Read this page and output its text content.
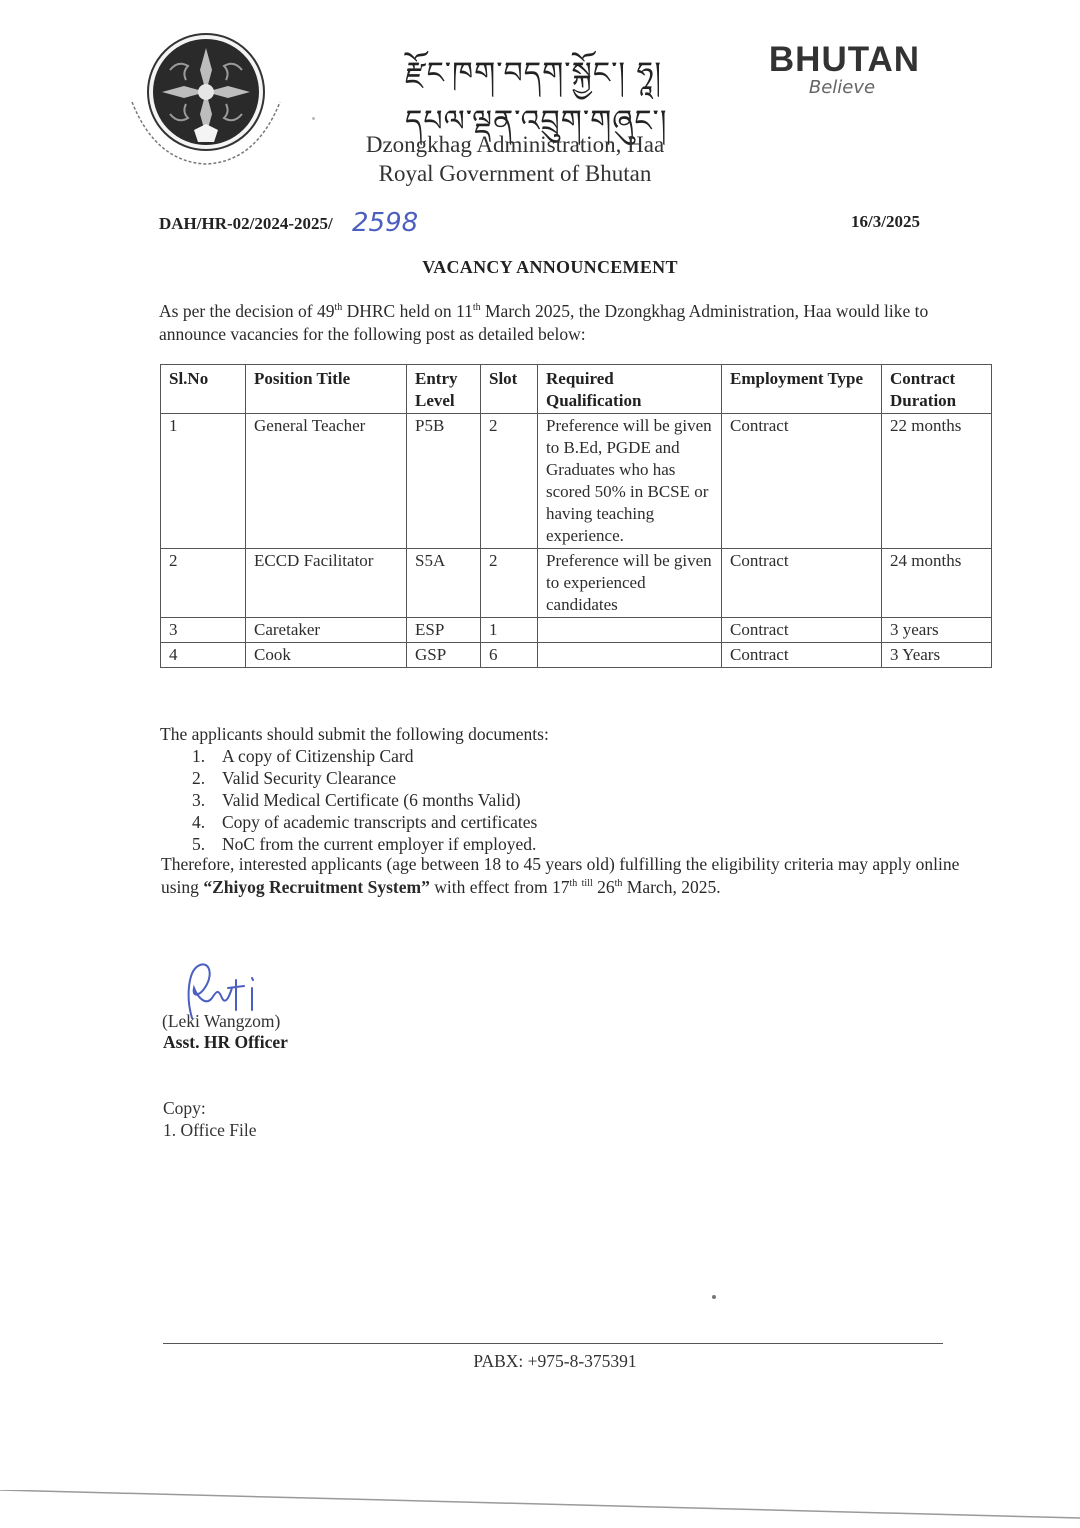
རྫོང་ཁག་བདག་སྐྱོང་། ཧཱ།
དཔལ་ལྡན་འབྲུག་གཞུང་།
Dzongkhag Administration, Haa
Royal Government of Bhutan
BHUTAN
Believe
DAH/HR-02/2024-2025/ 2598	16/3/2025
VACANCY ANNOUNCEMENT
As per the decision of 49th DHRC held on 11th March 2025, the Dzongkhag Administration, Haa would like to announce vacancies for the following post as detailed below:
Sl.No	Position Title	Entry Level	Slot	Required Qualification	Employment Type	Contract Duration
1	General Teacher	P5B	2	Preference will be given to B.Ed, PGDE and Graduates who has scored 50% in BCSE or having teaching experience.	Contract	22 months
2	ECCD Facilitator	S5A	2	Preference will be given to experienced candidates	Contract	24 months
3	Caretaker	ESP	1		Contract	3 years
4	Cook	GSP	6		Contract	3 Years
The applicants should submit the following documents:
1. A copy of Citizenship Card
2. Valid Security Clearance
3. Valid Medical Certificate (6 months Valid)
4. Copy of academic transcripts and certificates
5. NoC from the current employer if employed.
Therefore, interested applicants (age between 18 to 45 years old) fulfilling the eligibility criteria may apply online using “Zhiyog Recruitment System” with effect from 17th $^{till}$ 26th March, 2025.
(Leki Wangzom)
Asst. HR Officer
Copy:
1. Office File
PABX: +975-8-375391
